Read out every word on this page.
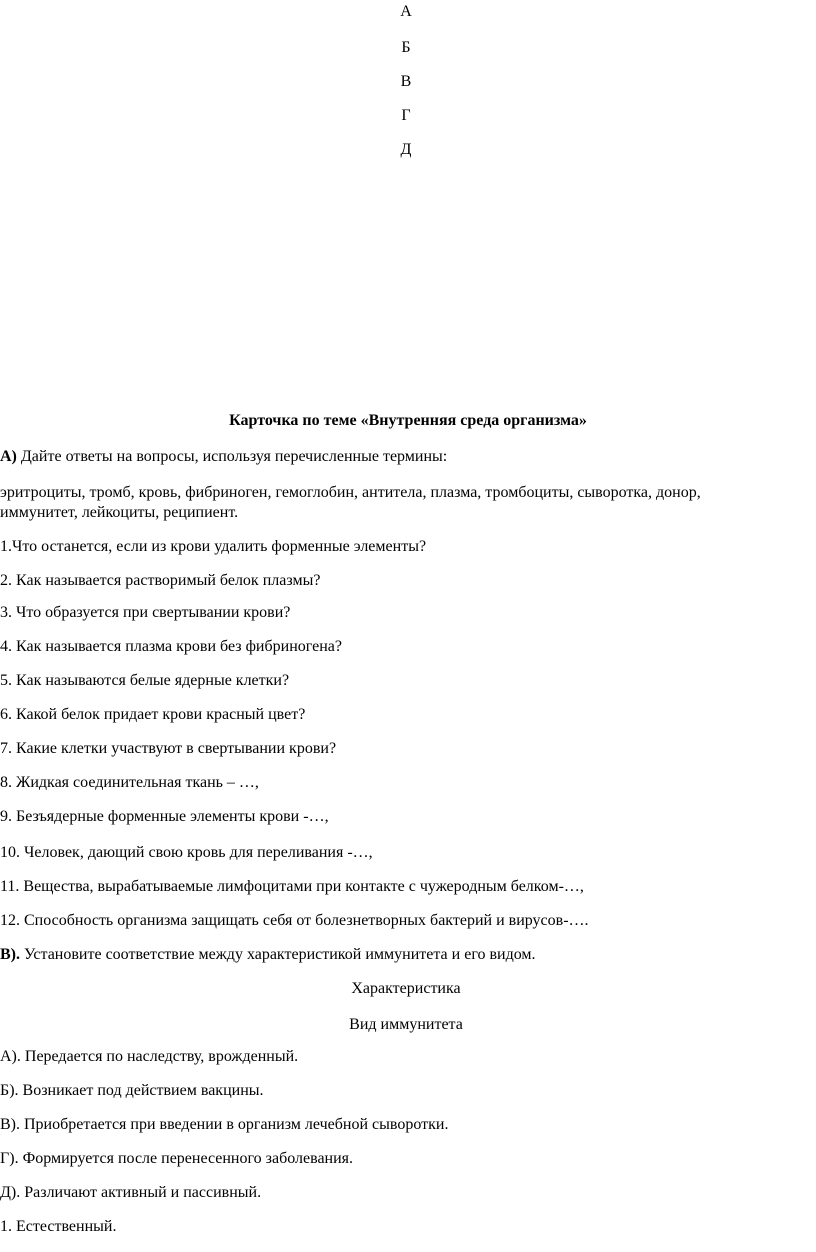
А
Б
В
Г
Д
Карточка по теме «Внутренняя среда организма»
А) Дайте ответы на вопросы, используя перечисленные термины:
эритроциты, тромб, кровь, фибриноген, гемоглобин, антитела, плазма, тромбоциты, сыворотка, донор,
иммунитет, лейкоциты, реципиент.
1.Что останется, если из крови удалить форменные элементы?
2. Как называется растворимый белок плазмы?
3. Что образуется при свертывании крови?
4. Как называется плазма крови без фибриногена?
5. Как называются белые ядерные клетки?
6. Какой белок придает крови красный цвет?
7. Какие клетки участвуют в свертывании крови?
8. Жидкая соединительная ткань – …,
9. Безъядерные форменные элементы крови -…,
10. Человек, дающий свою кровь для переливания -…,
11. Вещества, вырабатываемые лимфоцитами при контакте с чужеродным белком-…,
12. Способность организма защищать себя от болезнетворных бактерий и вирусов-….
В). Установите соответствие между характеристикой иммунитета и его видом.
Характеристика
Вид иммунитета
А). Передается по наследству, врожденный.
Б). Возникает под действием вакцины.
В). Приобретается при введении в организм лечебной сыворотки.
Г). Формируется после перенесенного заболевания.
Д). Различают активный и пассивный.
1. Естественный.
